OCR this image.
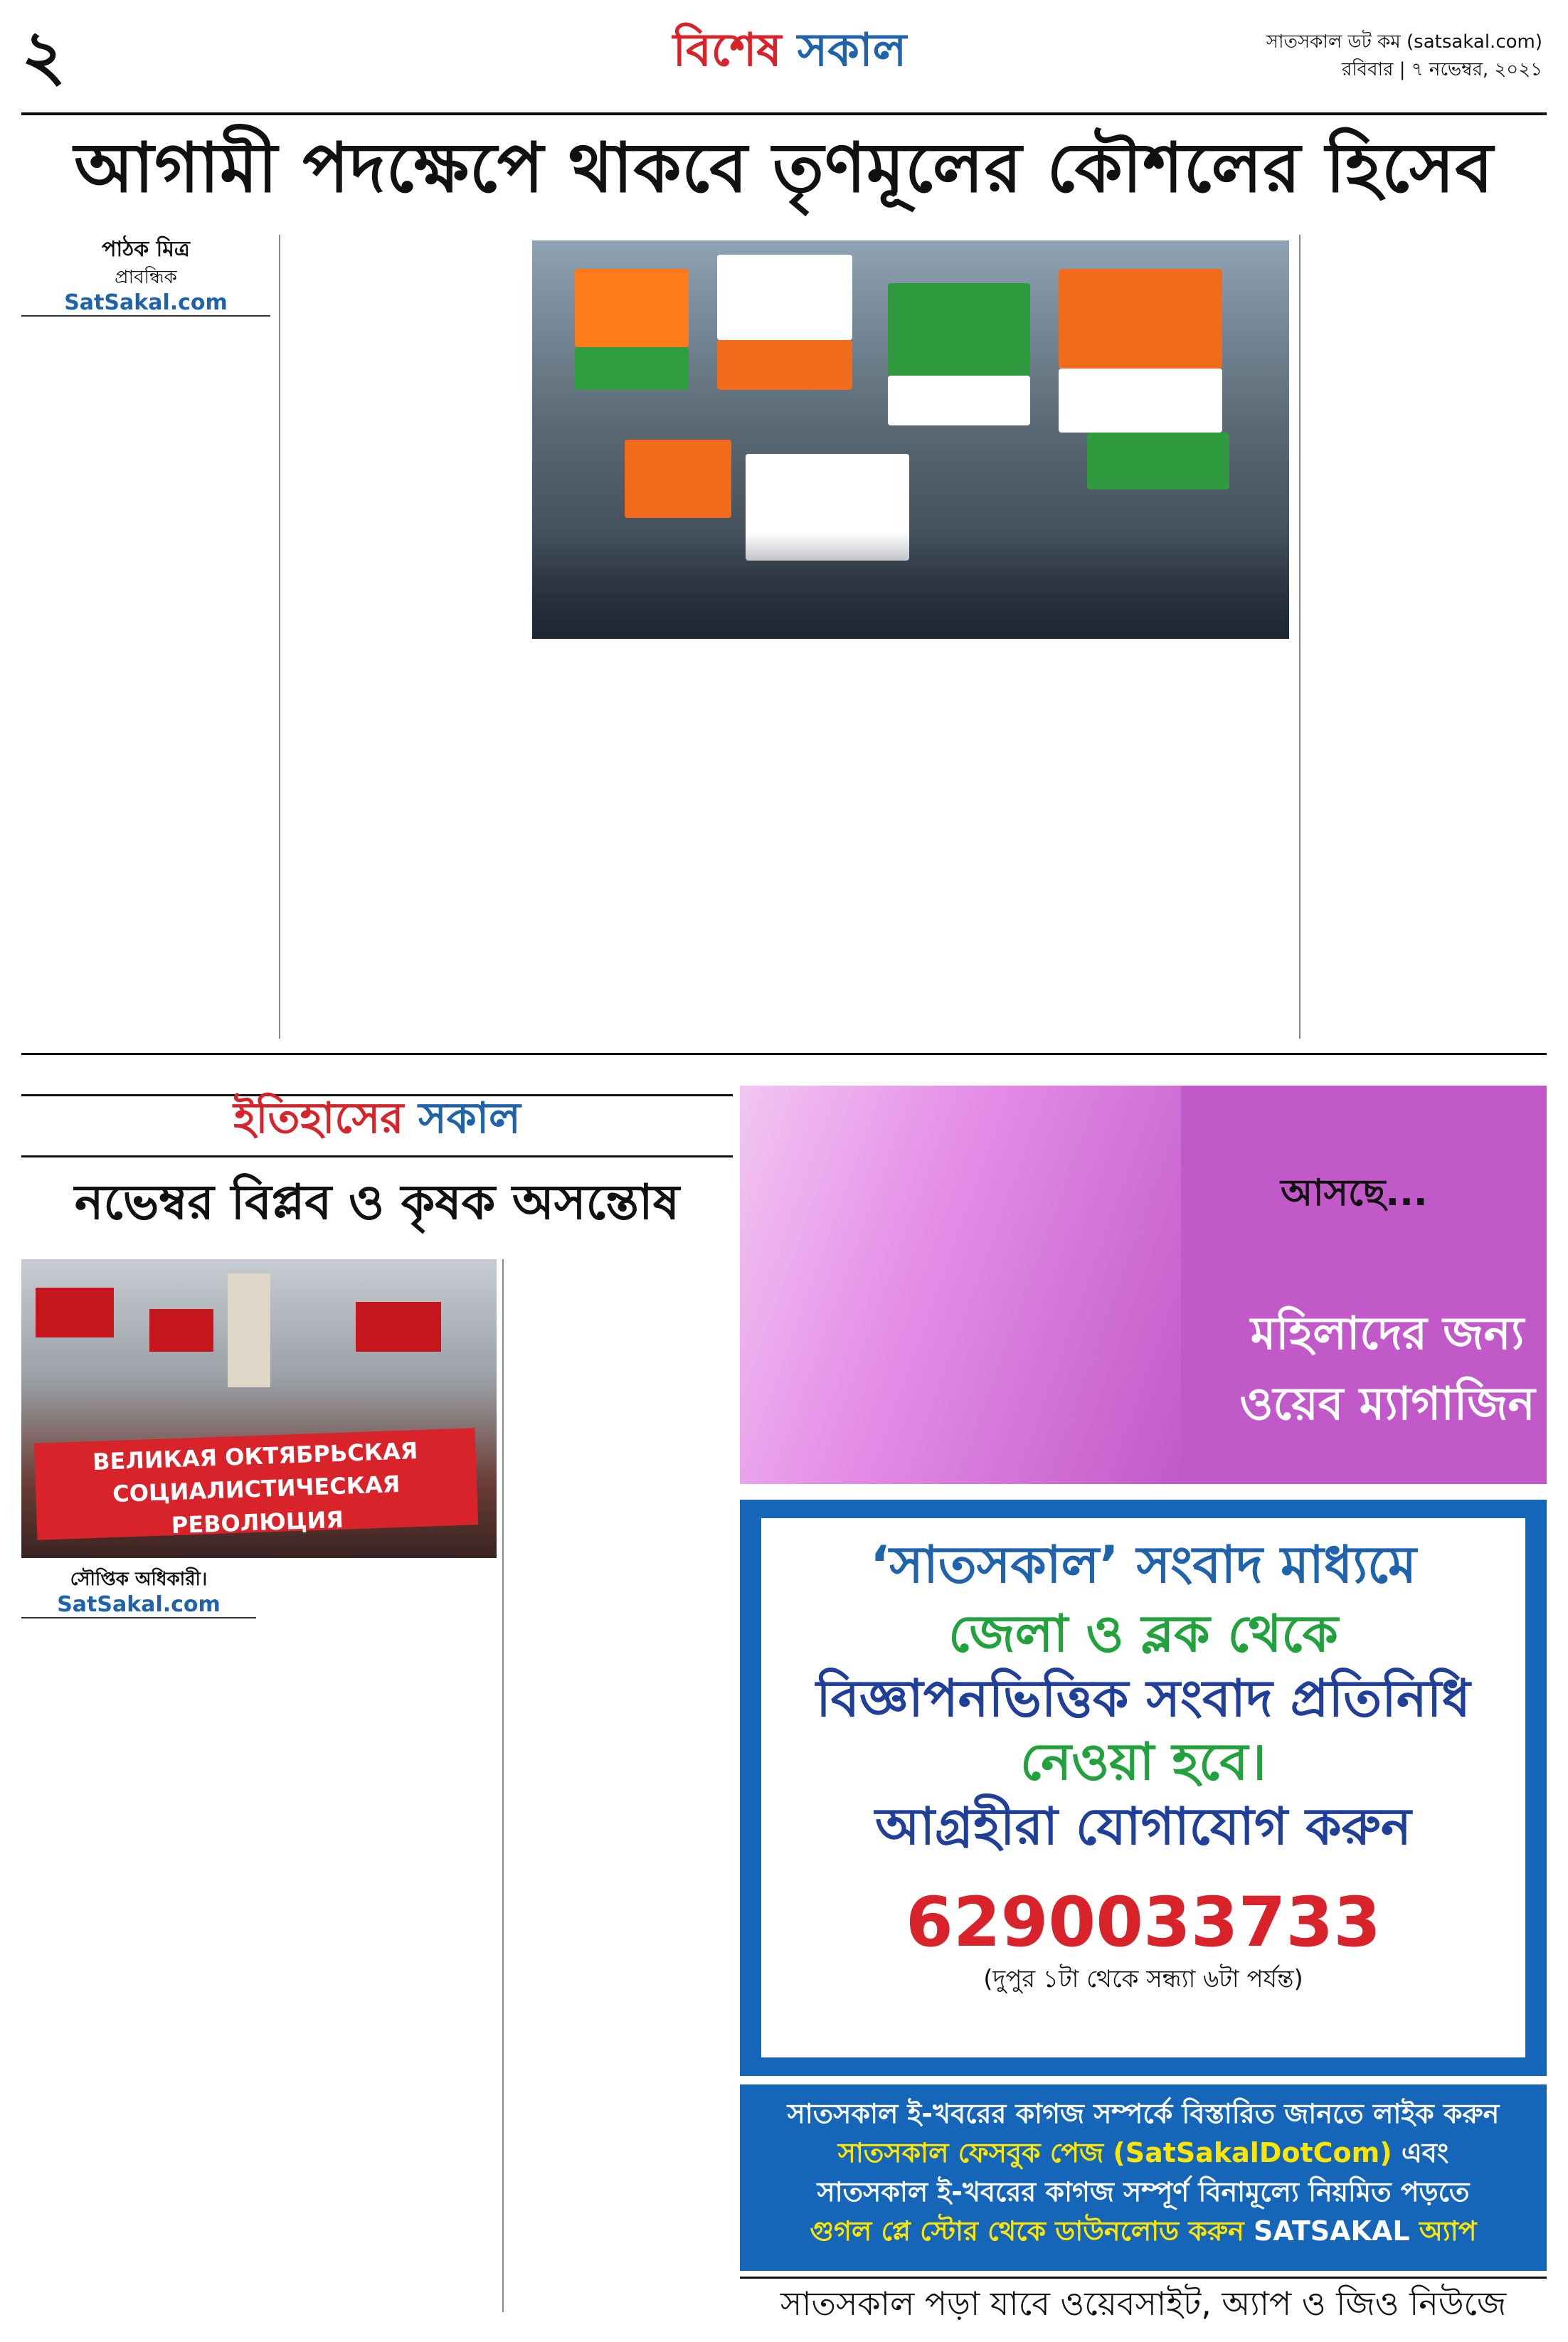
২	বিশেষ সকাল	সাতসকাল ডট কম (satsakal.com)
রবিবার | ৭ নভেম্বর, ২০২১
আগামী পদক্ষেপে থাকবে তৃণমূলের কৌশলের হিসেব
পাঠক মিত্র
প্রাবন্ধিক
SatSakal.com
ইতিহাসের সকাল
নভেম্বর বিপ্লব ও কৃষক অসন্তোষ
ВЕЛИКАЯ ОКТЯБРЬСКАЯ
СОЦИАЛИСТИЧЕСКАЯ РЕВОЛЮЦИЯ
সৌপ্তিক অধিকারী।
SatSakal.com
আসছে...
মহিলাদের জন্য
ওয়েব ম্যাগাজিন
‘সাতসকাল’ সংবাদ মাধ্যমে
জেলা ও ব্লক থেকে
বিজ্ঞাপনভিত্তিক সংবাদ প্রতিনিধি
নেওয়া হবে।
আগ্রহীরা যোগাযোগ করুন
6290033733
(দুপুর ১টা থেকে সন্ধ্যা ৬টা পর্যন্ত)
সাতসকাল ই-খবরের কাগজ সম্পর্কে বিস্তারিত জানতে লাইক করুন
সাতসকাল ফেসবুক পেজ (SatSakalDotCom) এবং
সাতসকাল ই-খবরের কাগজ সম্পূর্ণ বিনামূল্যে নিয়মিত পড়তে
গুগল প্লে স্টোর থেকে ডাউনলোড করুন SATSAKAL অ্যাপ
সাতসকাল পড়া যাবে ওয়েবসাইট, অ্যাপ ও জিও নিউজে
